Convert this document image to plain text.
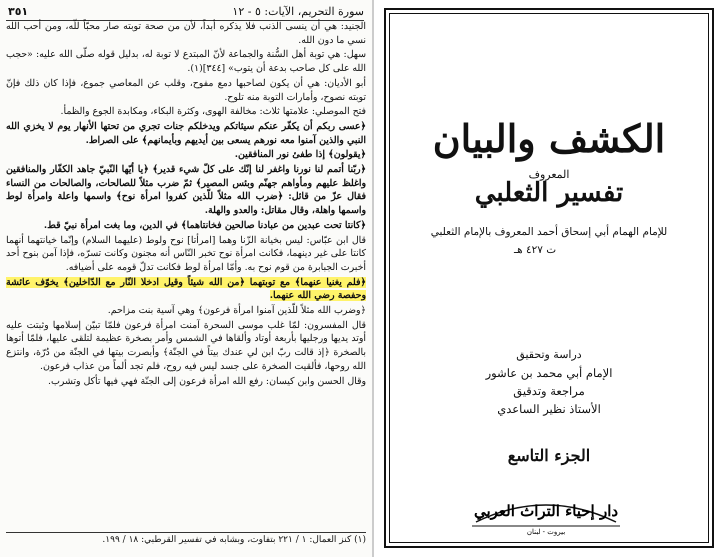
٣٥١	سورة التحريم، الآيات: ٥ - ١٢

الجنيد: هي أن ينسى الذنب فلا يذكره أبداً، لأن من صحة توبته صار محبّاً للّه، ومن أحب الله نسي ما دون الله.

سهل: هي توبة أهل السُّنة والجماعة لأنّ المبتدع لا توبة له، بدليل قوله صلّى الله عليه: «حجب الله على كل صاحب بدعة أن يتوب» [٣٤٤](١).

أبو الأديان: هي أن يكون لصاحبها دمع مفوح، وقلب عن المعاصي جموع، فإذا كان ذلك فإنّ توبته نصوح، وأمارات التوبة منه تلوح.

فتح الموصلي: علامتها ثلاث: مخالفة الهوى، وكثرة البكاء، ومكابدة الجوع والظمأ.

﴿عسى ربكم أن يكفّر عنكم سيئاتكم ويدخلكم جنات تجري من تحتها الأنهار يوم لا يخزي الله النبي والذين آمنوا معه نورهم يسعى بين أيديهم وبأيمانهم﴾ على الصراط.

﴿يقولون﴾ إذا طفئ نور المنافقين.

﴿ربّنا أتمم لنا نورنا واغفر لنا إنّك على كلّ شيء قدير﴾ ﴿يا أيّها النّبيّ جاهد الكفّار والمنافقين واغلظ عليهم ومأواهم جهنّم وبئس المصير﴾ ثمّ ضرب مثلاً للصالحات، والصالحات من النساء فقال عزّ من قائل: ﴿ضرب الله مثلاً للّذين كفروا امرأة نوح﴾ واسمها واعلة وامرأة لوط واسمها واهلة، وقال مقاتل: والعدو والهلة.

﴿كانتا تحت عبدين من عبادنا صالحين فخانتاهما﴾ في الدين، وما بغت امرأة نبيّ قط.

قال ابن عبّاس: ليس بخيانة الزّنا وهما [امرأتا] نوح ولوط (عليهما السلام) وإنّما خيانتهما أنهما كانتا على غير دينهما، فكانت امرأة نوح تخبر النّاس أنه مجنون وكانت تسرّه، فإذا آمن بنوح أحد أخبرت الجبابرة من قوم نوح به. وأمّا امرأة لوط فكانت تدلّ قومه على أضيافه.

﴿فلم يغنيا عنهما﴾ مع توبتهما ﴿من الله شيئاً وقيل ادخلا النّار مع الدّاخلين﴾ يخوّف عائشة وحفصة رضي الله عنهما.

﴿وضرب الله مثلاً للّذين آمنوا امرأة فرعون﴾ وهي آسية بنت مزاحم.

قال المفسرون: لمّا غلب موسى السحرة آمنت امرأة فرعون فلمّا تبيّن إسلامها وثبتت عليه أوتد يديها ورجليها بأربعة أوتاد وألقاها في الشمس وأمر بصخرة عظيمة لتلقى عليها، فلمّا أتوها بالصخرة ﴿إذ قالت ربّ ابن لي عندك بيتاً في الجنّة﴾ وأبصرت بيتها في الجنّة من دُرّة، وانتزع الله روحها، فألقيت الصخرة على جسد ليس فيه روح، فلم تجد ألماً من عذاب فرعون.

وقال الحسن وابن كيسان: رفع الله امرأة فرعون إلى الجنّة فهي فيها تأكل وتشرب.

(١) كنز العمال: ١ / ٢٢١ بتفاوت، وبشابه في تفسير القرطبي: ١٨ / ١٩٩.
الكشف والبيان
المعروف
تفسير الثعلبي
للإمام الهمام أبي إسحاق أحمد المعروف بالإمام الثعلبي
ت ٤٢٧ هـ
دراسة وتحقيق
الإمام أبي محمد بن عاشور
مراجعة وتدقيق
الأستاذ نظير الساعدي
الجزء التاسع
دار إحياء التراث العربي
بيروت - لبنان
